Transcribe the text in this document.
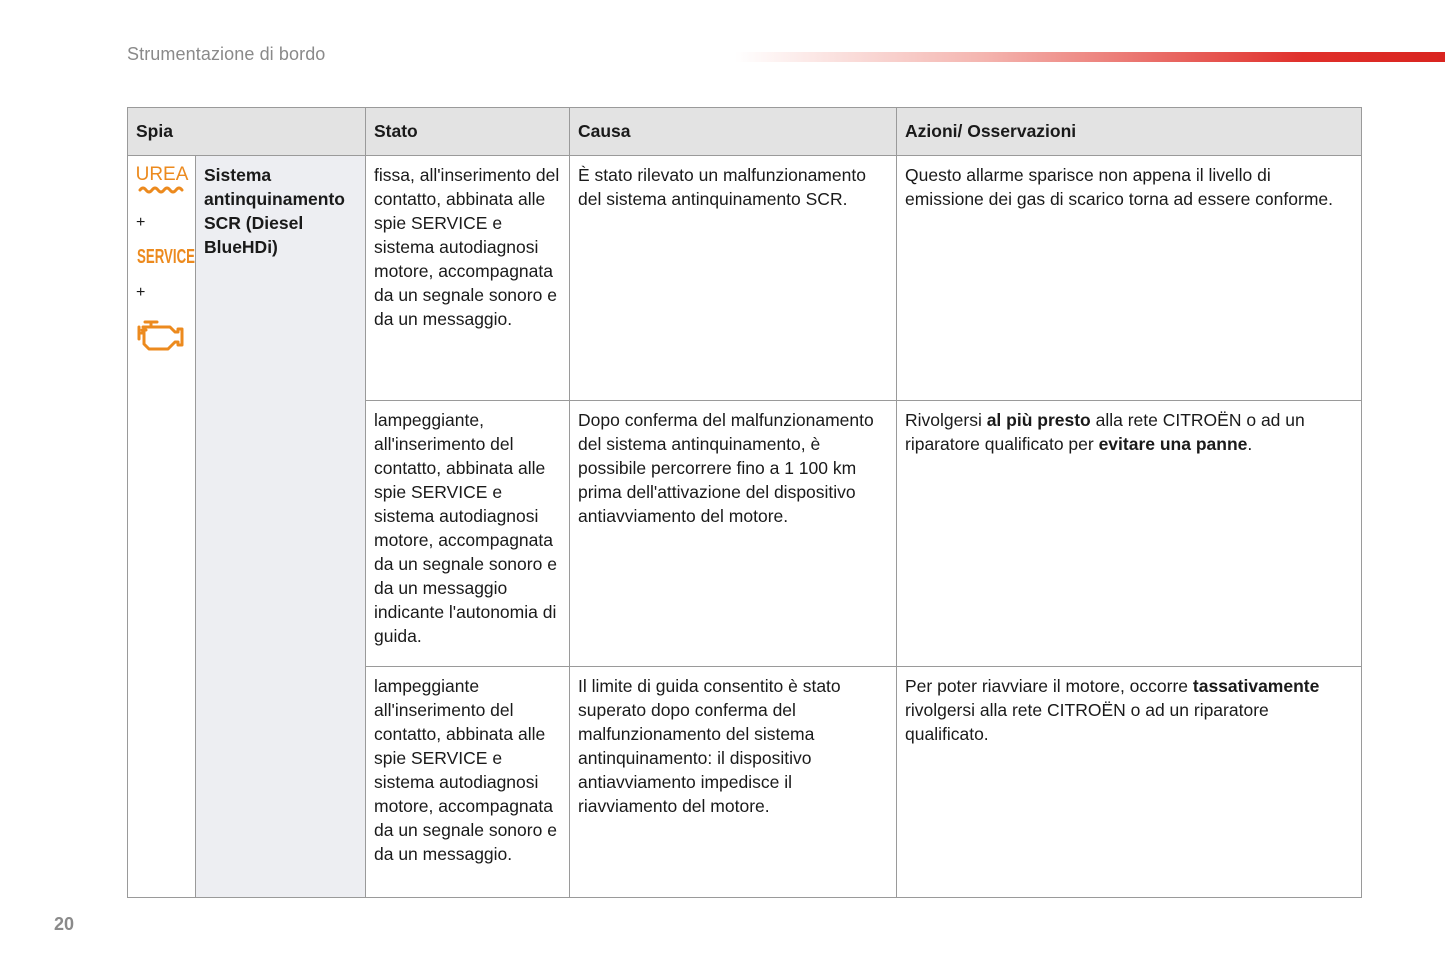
Strumentazione di bordo
Spia		Stato	Causa	Azioni/ Osservazioni

UREA
+
SERVICE
+	Sistema antinquinamento SCR (Diesel BlueHDi)	fissa, all'inserimento del contatto, abbinata alle spie SERVICE e sistema autodiagnosi motore, accompagnata da un segnale sonoro e da un messaggio.	È stato rilevato un malfunzionamento del sistema antinquinamento SCR.	Questo allarme sparisce non appena il livello di emissione dei gas di scarico torna ad essere conforme.
		lampeggiante, all'inserimento del contatto, abbinata alle spie SERVICE e sistema autodiagnosi motore, accompagnata da un segnale sonoro e da un messaggio indicante l'autonomia di guida.	Dopo conferma del malfunzionamento del sistema antinquinamento, è possibile percorrere fino a 1 100 km prima dell'attivazione del dispositivo antiavviamento del motore.	Rivolgersi al più presto alla rete CITROËN o ad un riparatore qualificato per evitare una panne.
		lampeggiante all'inserimento del contatto, abbinata alle spie SERVICE e sistema autodiagnosi motore, accompagnata da un segnale sonoro e da un messaggio.	Il limite di guida consentito è stato superato dopo conferma del malfunzionamento del sistema antinquinamento: il dispositivo antiavviamento impedisce il riavviamento del motore.	Per poter riavviare il motore, occorre tassativamente rivolgersi alla rete CITROËN o ad un riparatore qualificato.
20
